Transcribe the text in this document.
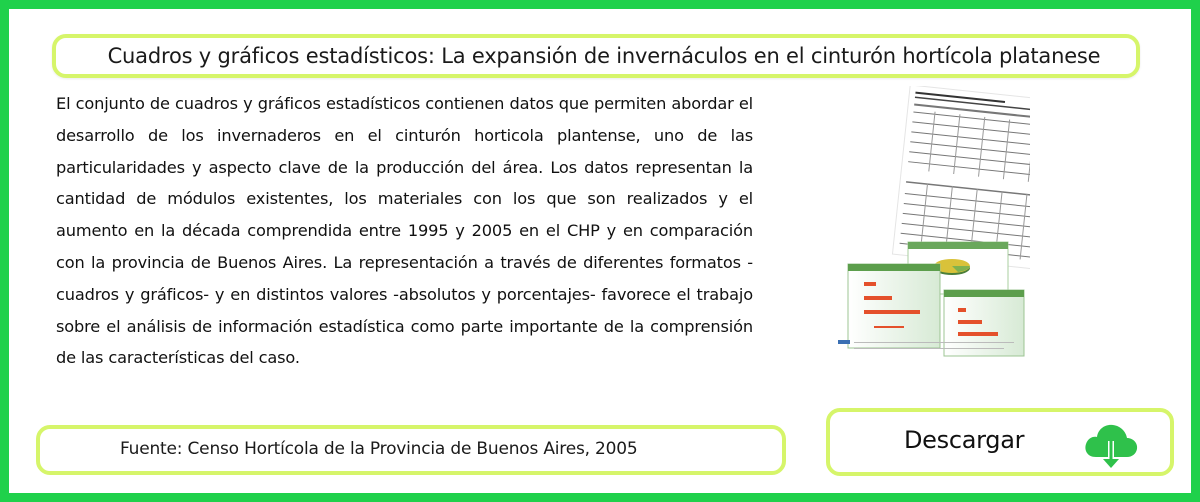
Cuadros y gráficos estadísticos: La expansión de invernáculos en el cinturón hortícola platanese
El conjunto de cuadros y gráficos estadísticos contienen datos que permiten abordar el desarrollo de los invernaderos en el cinturón horticola plantense, uno de las particularidades y aspecto clave de la producción del área. Los datos representan la cantidad de módulos existentes, los materiales con los que son realizados y el aumento en la década comprendida entre 1995 y 2005 en el CHP y en comparación con la provincia de Buenos Aires. La representación a través de diferentes formatos -cuadros y gráficos- y en distintos valores -absolutos y porcentajes- favorece el trabajo sobre el análisis de información estadística como parte importante de la comprensión de las características del caso.
Fuente: Censo Hortícola de la Provincia de Buenos Aires, 2005	Descargar
